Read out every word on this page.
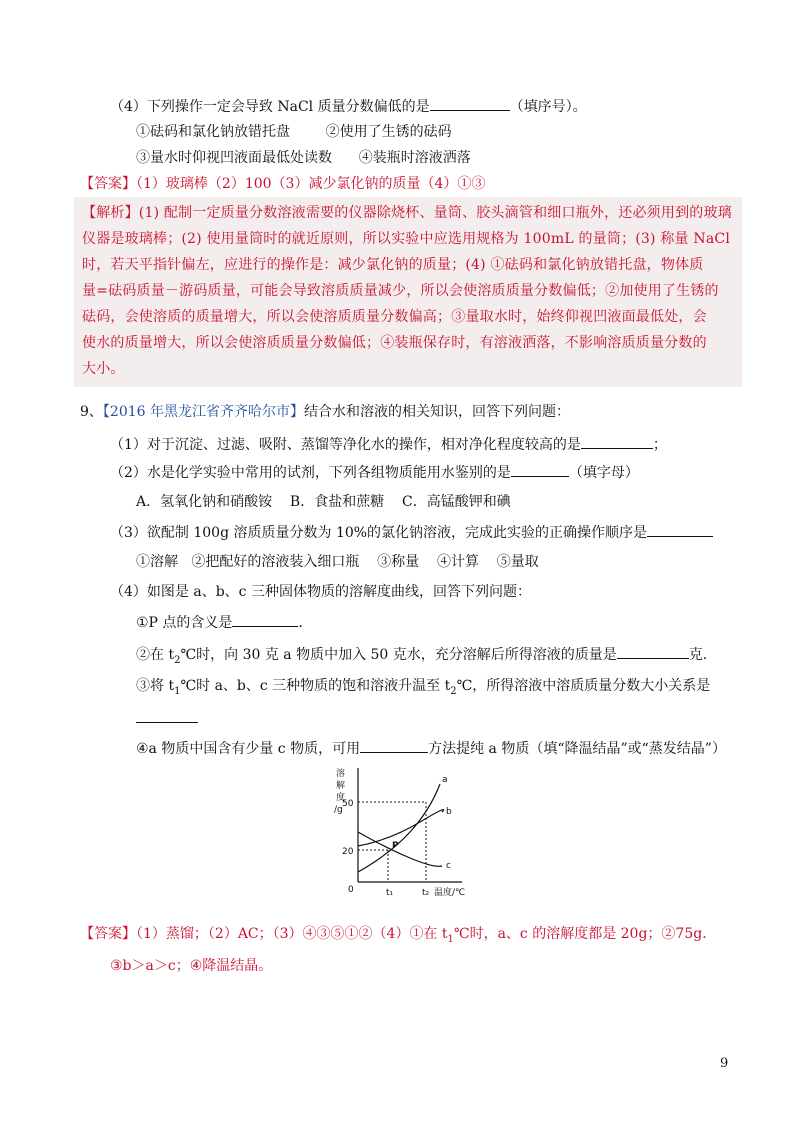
（4）下列操作一定会导致 NaCl 质量分数偏低的是	（填序号）。
①砝码和氯化钠放错托盘        ②使用了生锈的砝码
③量水时仰视凹液面最低处读数      ④装瓶时溶液洒落
【答案】（1）玻璃棒（2）100（3）减少氯化钠的质量（4）①③
【解析】(1) 配制一定质量分数溶液需要的仪器除烧杯、量筒、胶头滴管和细口瓶外，还必须用到的玻璃
仪器是玻璃棒；(2) 使用量筒时的就近原则，所以实验中应选用规格为 100mL 的量筒；(3) 称量 NaCl
时，若天平指针偏左，应进行的操作是：减少氯化钠的质量；(4) ①砝码和氯化钠放错托盘，物体质
量=砝码质量－游码质量，可能会导致溶质质量减少，所以会使溶质质量分数偏低；②加使用了生锈的
砝码，会使溶质的质量增大，所以会使溶质质量分数偏高；③量取水时，始终仰视凹液面最低处，会
使水的质量增大，所以会使溶质质量分数偏低；④装瓶保存时，有溶液洒落，不影响溶质质量分数的
大小。
9、【2016 年黑龙江省齐齐哈尔市】结合水和溶液的相关知识，回答下列问题：
（1）对于沉淀、过滤、吸附、蒸馏等净化水的操作，相对净化程度较高的是	；
（2）水是化学实验中常用的试剂，下列各组物质能用水鉴别的是	（填字母）
A．氢氧化钠和硝酸铵    B．食盐和蔗糖    C．高锰酸钾和碘
（3）欲配制 100g 溶质质量分数为 10%的氯化钠溶液，完成此实验的正确操作顺序是
①溶解   ②把配好的溶液装入细口瓶    ③称量    ④计算    ⑤量取
（4）如图是 a、b、c 三种固体物质的溶解度曲线，回答下列问题：
①P 点的含义是	.
②在 $t_2℃$时，向 30 克 a 物质中加入 50 克水，充分溶解后所得溶液的质量是	克.
③将 $t_1℃$时 a、b、c 三种物质的饱和溶液升温至 $t_2℃$，所得溶液中溶质质量分数大小关系是
④a 物质中国含有少量 c 物质，可用	方法提纯 a 物质（填“降温结晶”或“蒸发结晶”）
溶
解
度
/g
50
20
0	t₁	t₂ 温度/℃
a
b
c
P
【答案】（1）蒸馏；（2）AC；（3）④③⑤①②（4）①在 $t_1℃$时，a、c 的溶解度都是 20g；②75g.
③b＞a＞c；④降温结晶。
9
